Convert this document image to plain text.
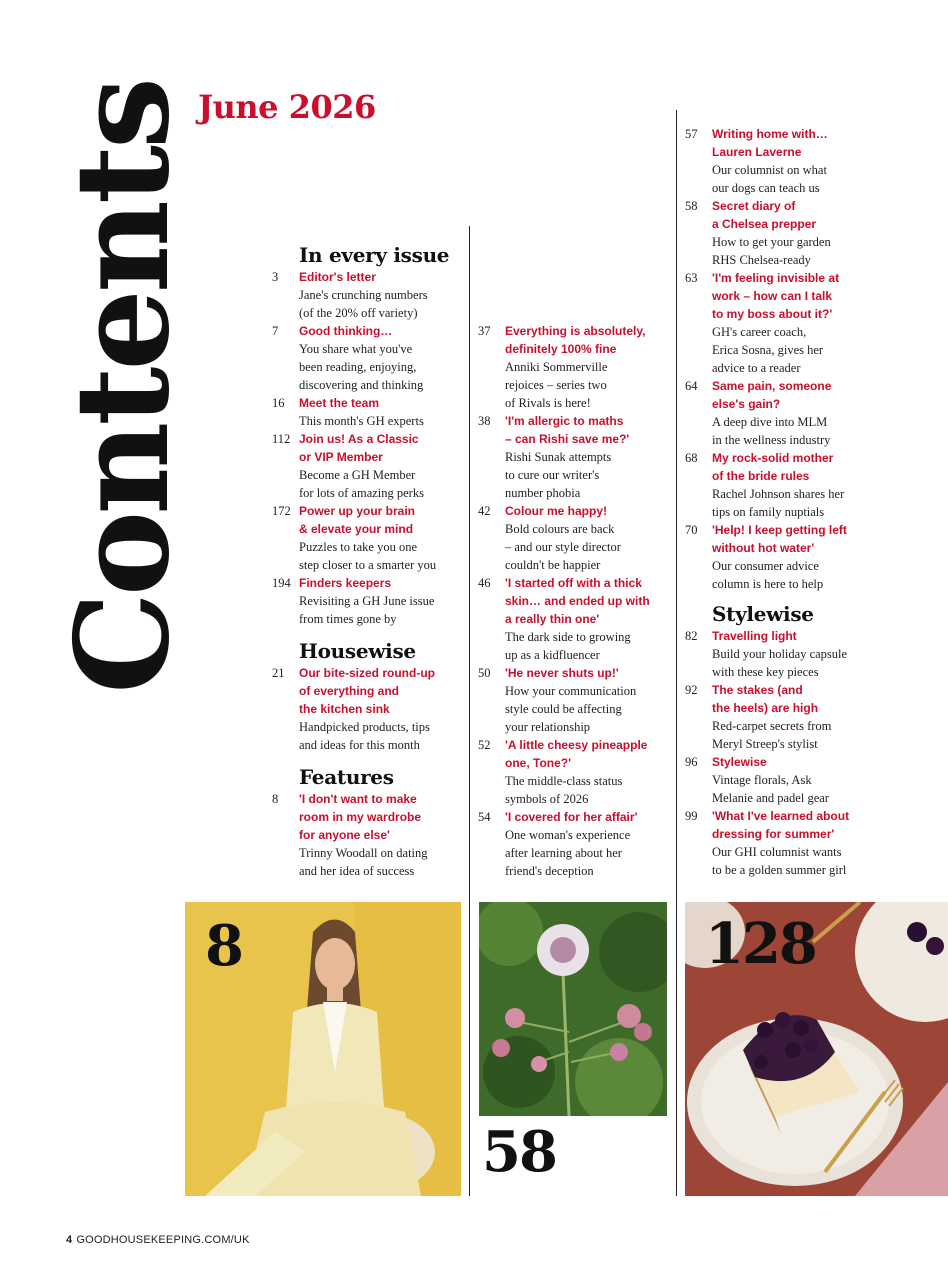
Contents June 2026
In every issue
3	Editor's letter
Jane's crunching numbers
(of the 20% off variety)
7	Good thinking…
You share what you've
been reading, enjoying,
discovering and thinking
16	Meet the team
This month's GH experts
112 Join us! As a Classic
or VIP Member
Become a GH Member
for lots of amazing perks
172 Power up your brain
& elevate your mind
Puzzles to take you one
step closer to a smarter you
194 Finders keepers
Revisiting a GH June issue
from times gone by
Housewise
21	Our bite-sized round-up
of everything and
the kitchen sink
Handpicked products, tips
and ideas for this month
Features
8	'I don't want to make
room in my wardrobe
for anyone else'
Trinny Woodall on dating
and her idea of success
37	Everything is absolutely,
definitely 100% fine
Anniki Sommerville
rejoices – series two
of Rivals is here!
38	'I'm allergic to maths
– can Rishi save me?'
Rishi Sunak attempts
to cure our writer's
number phobia
42	Colour me happy!
Bold colours are back
– and our style director
couldn't be happier
46	'I started off with a thick
skin… and ended up with
a really thin one'
The dark side to growing
up as a kidfluencer
50	'He never shuts up!'
How your communication
style could be affecting
your relationship
52	'A little cheesy pineapple
one, Tone?'
The middle-class status
symbols of 2026
54	'I covered for her affair'
One woman's experience
after learning about her
friend's deception
57	Writing home with…
Lauren Laverne
Our columnist on what
our dogs can teach us
58	Secret diary of
a Chelsea prepper
How to get your garden
RHS Chelsea-ready
63	'I'm feeling invisible at
work – how can I talk
to my boss about it?'
GH's career coach,
Erica Sosna, gives her
advice to a reader
64	Same pain, someone
else's gain?
A deep dive into MLM
in the wellness industry
68	My rock-solid mother
of the bride rules
Rachel Johnson shares her
tips on family nuptials
70	'Help! I keep getting left
without hot water'
Our consumer advice
column is here to help
Stylewise
82	Travelling light
Build your holiday capsule
with these key pieces
92	The stakes (and
the heels) are high
Red-carpet secrets from
Meryl Streep's stylist
96	Stylewise
Vintage florals, Ask
Melanie and padel gear
99	'What I've learned about
dressing for summer'
Our GHI columnist wants
to be a golden summer girl
8
58
128
4 GOODHOUSEKEEPING.COM/UK
